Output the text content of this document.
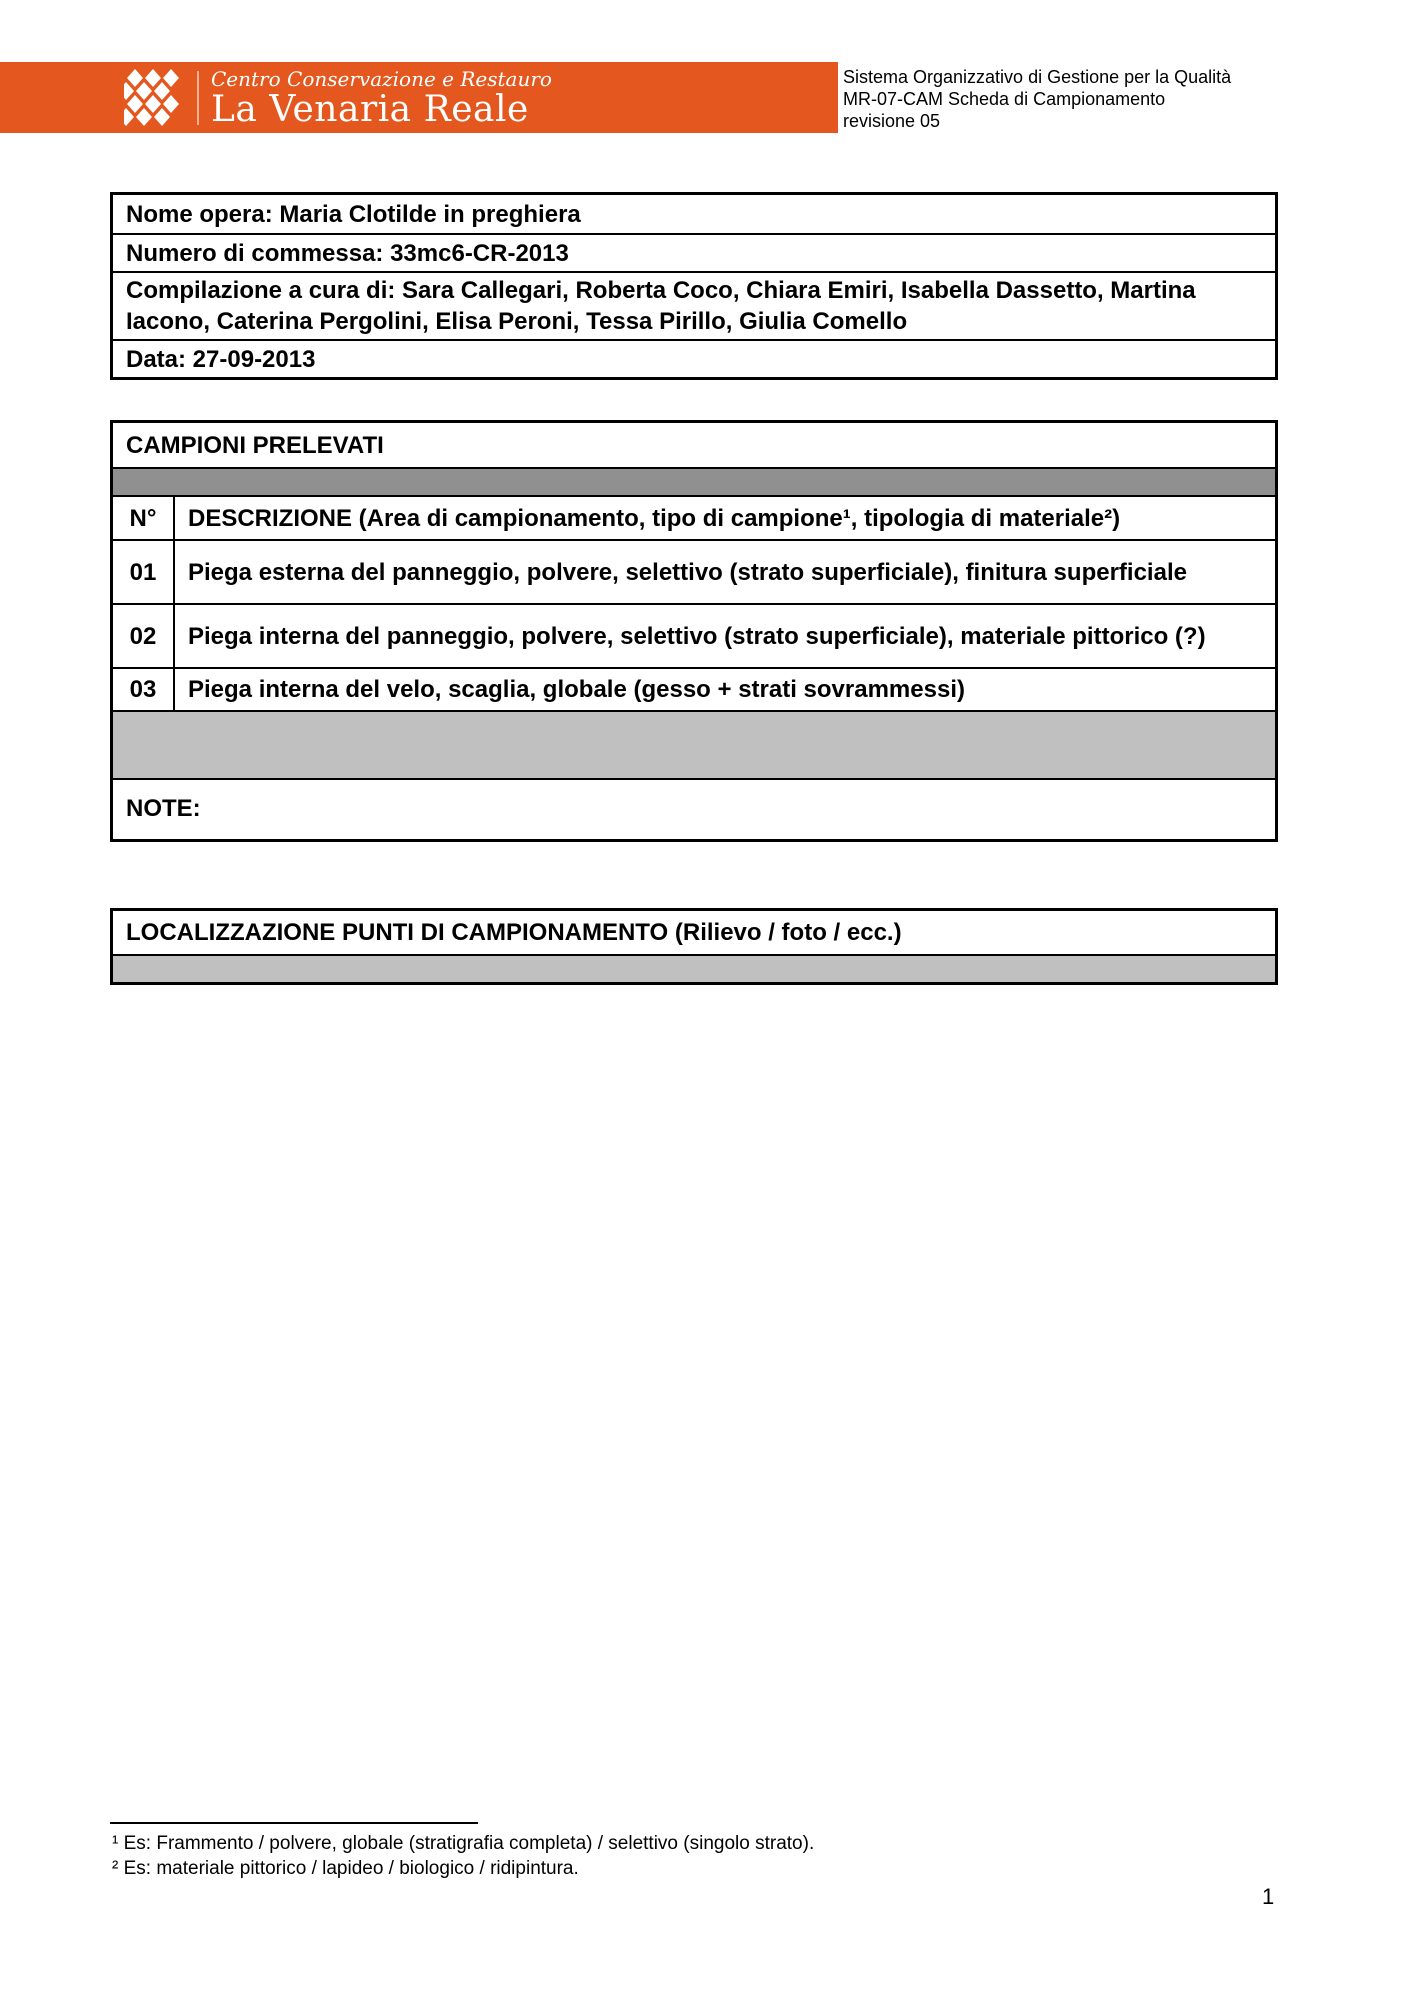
Centro Conservazione e Restauro
La Venaria Reale
Sistema Organizzativo di Gestione per la Qualità
MR-07-CAM Scheda di Campionamento
revisione 05
Nome opera: Maria Clotilde in preghiera
Numero di commessa: 33mc6-CR-2013
Compilazione a cura di: Sara Callegari, Roberta Coco, Chiara Emiri, Isabella Dassetto, Martina Iacono, Caterina Pergolini, Elisa Peroni, Tessa Pirillo, Giulia Comello
Data: 27-09-2013
CAMPIONI PRELEVATI
N°	DESCRIZIONE (Area di campionamento, tipo di campione¹, tipologia di materiale²)
01	Piega esterna del panneggio, polvere, selettivo (strato superficiale), finitura superficiale
02	Piega interna del panneggio, polvere, selettivo (strato superficiale), materiale pittorico (?)
03	Piega interna del velo, scaglia, globale (gesso + strati sovrammessi)
NOTE:
LOCALIZZAZIONE PUNTI DI CAMPIONAMENTO (Rilievo / foto / ecc.)
¹ Es: Frammento / polvere, globale (stratigrafia completa) / selettivo (singolo strato).
² Es: materiale pittorico / lapideo / biologico / ridipintura.
1
